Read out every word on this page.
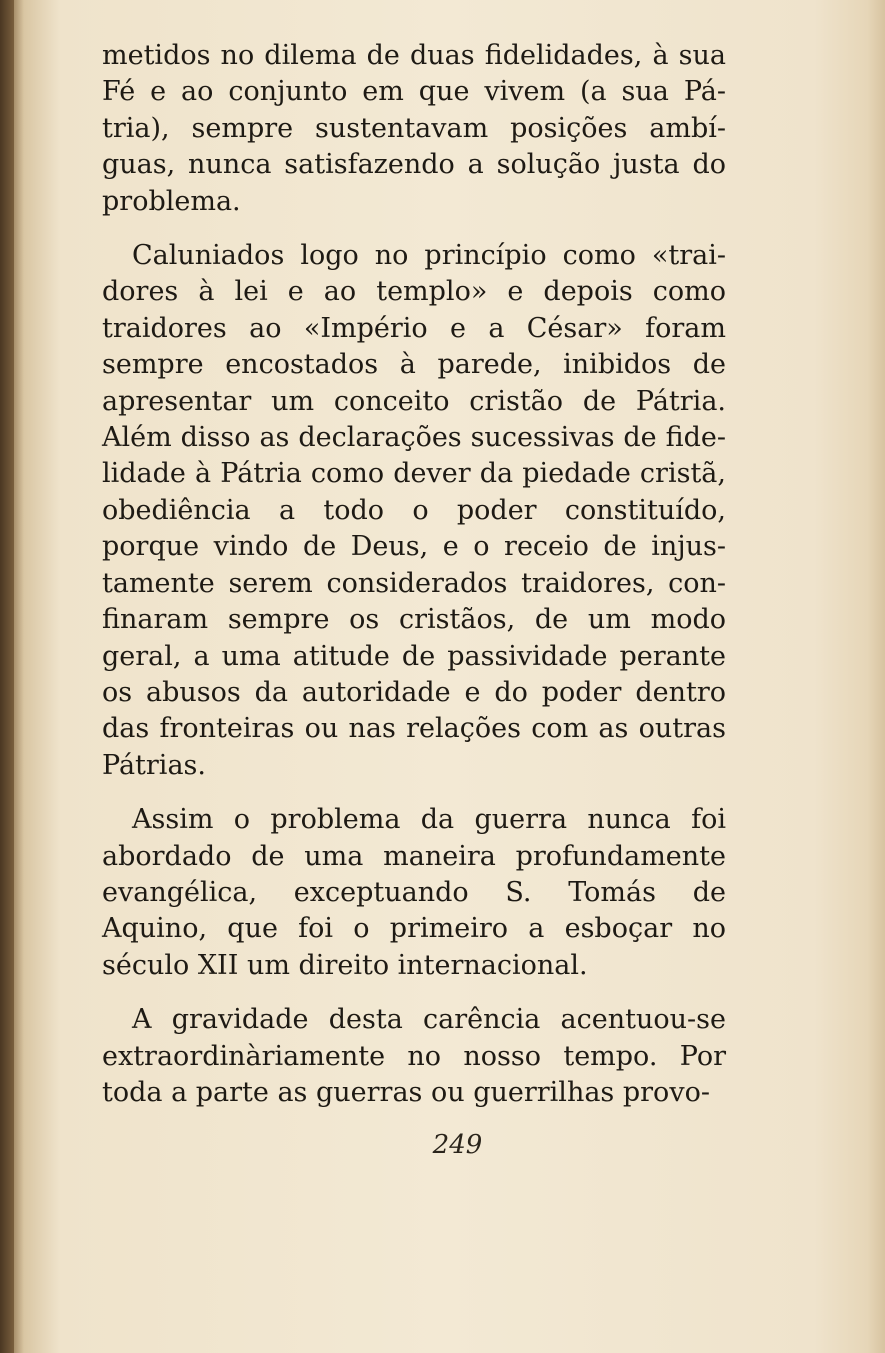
metidos no dilema de duas fidelidades, à sua Fé e ao conjunto em que vivem (a sua Pátria), sempre sustentavam posições ambíguas, nunca satisfazendo a solução justa do problema.

Caluniados logo no princípio como «traidores à lei e ao templo» e depois como traidores ao «Império e a César» foram sempre encostados à parede, inibidos de apresentar um conceito cristão de Pátria. Além disso as declarações sucessivas de fidelidade à Pátria como dever da piedade cristã, obediência a todo o poder constituído, porque vindo de Deus, e o receio de injustamente serem considerados traidores, confinaram sempre os cristãos, de um modo geral, a uma atitude de passividade perante os abusos da autoridade e do poder dentro das fronteiras ou nas relações com as outras Pátrias.

Assim o problema da guerra nunca foi abordado de uma maneira profundamente evangélica, exceptuando S. Tomás de Aquino, que foi o primeiro a esboçar no século XII um direito internacional.

A gravidade desta carência acentuou-se extraordinàriamente no nosso tempo. Por toda a parte as guerras ou guerrilhas provo-

249
